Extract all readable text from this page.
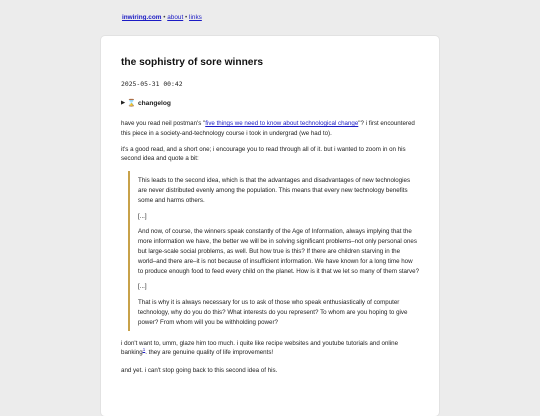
inwiring.com • about • links
the sophistry of sore winners
2025-05-31 00:42
▶ ⌛ changelog

have you read neil postman's "five things we need to know about technological change"? i first encountered this piece in a society-and-technology course i took in undergrad (we had to).

it's a good read, and a short one; i encourage you to read through all of it. but i wanted to zoom in on his second idea and quote a bit:

This leads to the second idea, which is that the advantages and disadvantages of new technologies are never distributed evenly among the population. This means that every new technology benefits some and harms others.

[...]

And now, of course, the winners speak constantly of the Age of Information, always implying that the more information we have, the better we will be in solving significant problems–not only personal ones but large-scale social problems, as well. But how true is this? If there are children starving in the world–and there are–it is not because of insufficient information. We have known for a long time how to produce enough food to feed every child on the planet. How is it that we let so many of them starve?

[...]

That is why it is always necessary for us to ask of those who speak enthusiastically of computer technology, why do you do this? What interests do you represent? To whom are you hoping to give power? From whom will you be withholding power?

i don't want to, umm, glaze him too much. i quite like recipe websites and youtube tutorials and online banking$^1$. they are genuine quality of life improvements!

and yet. i can't stop going back to this second idea of his.
